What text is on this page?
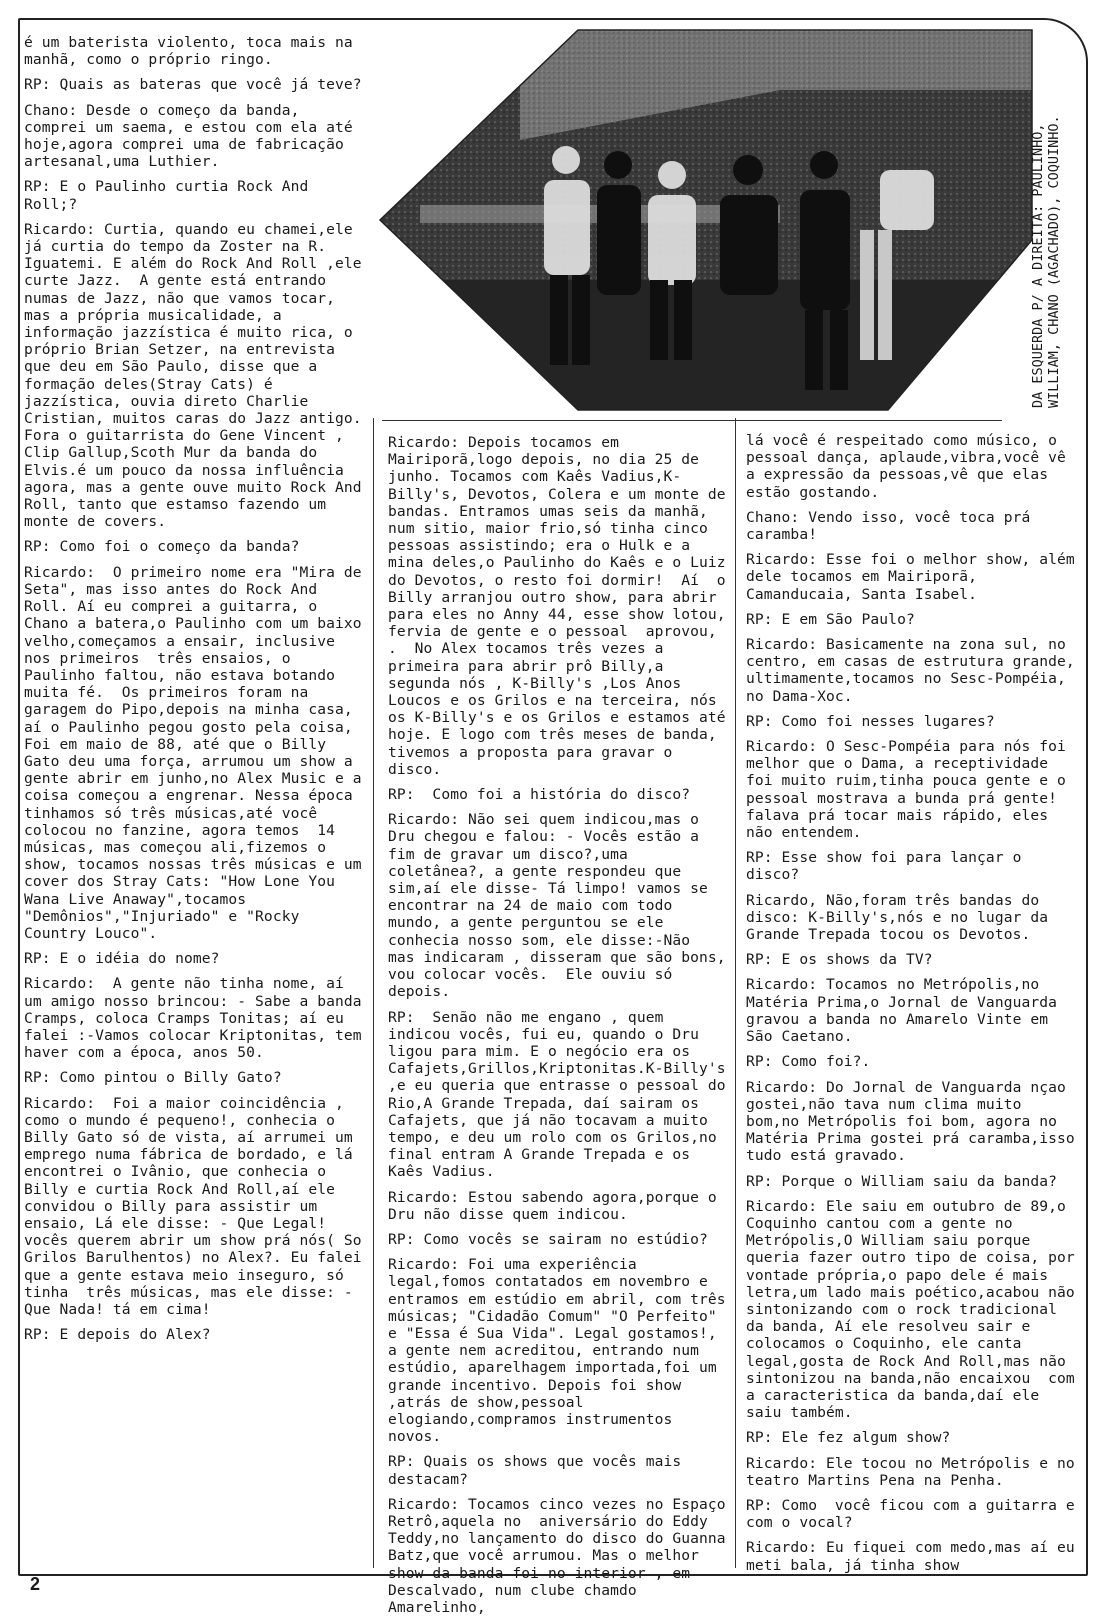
é um baterista violento, toca mais na manhã, como o próprio ringo.
RP: Quais as bateras que você já teve?
Chano: Desde o começo da banda, comprei um saema, e estou com ela até hoje,agora comprei uma de fabricação artesanal,uma Luthier.
RP: E o Paulinho curtia Rock And Roll;?
Ricardo: Curtia, quando eu chamei,ele já curtia do tempo da Zoster na R. Iguatemi. E além do Rock And Roll ,ele curte Jazz.  A gente está entrando numas de Jazz, não que vamos tocar, mas a própria musicalidade, a informação jazzística é muito rica, o próprio Brian Setzer, na entrevista que deu em São Paulo, disse que a formação deles(Stray Cats) é jazzística, ouvia direto Charlie Cristian, muitos caras do Jazz antigo. Fora o guitarrista do Gene Vincent , Clip Gallup,Scoth Mur da banda do Elvis.é um pouco da nossa influência agora, mas a gente ouve muito Rock And Roll, tanto que estamso fazendo um monte de covers.
RP: Como foi o começo da banda?
Ricardo:  O primeiro nome era "Mira de Seta", mas isso antes do Rock And Roll. Aí eu comprei a guitarra, o Chano a batera,o Paulinho com um baixo velho,começamos a ensair, inclusive nos primeiros  três ensaios, o Paulinho faltou, não estava botando muita fé.  Os primeiros foram na garagem do Pipo,depois na minha casa, aí o Paulinho pegou gosto pela coisa, Foi em maio de 88, até que o Billy Gato deu uma força, arrumou um show a gente abrir em junho,no Alex Music e a coisa começou a engrenar. Nessa época tinhamos só três músicas,até você colocou no fanzine, agora temos  14 músicas, mas começou ali,fizemos o show, tocamos nossas três músicas e um cover dos Stray Cats: "How Lone You Wana Live Anaway",tocamos "Demônios","Injuriado" e "Rocky Country Louco".
RP: E o idéia do nome?
Ricardo:  A gente não tinha nome, aí um amigo nosso brincou: - Sabe a banda Cramps, coloca Cramps Tonitas; aí eu falei :-Vamos colocar Kriptonitas, tem haver com a época, anos 50.
RP: Como pintou o Billy Gato?
Ricardo:  Foi a maior coincidência , como o mundo é pequeno!, conhecia o Billy Gato só de vista, aí arrumei um emprego numa fábrica de bordado, e lá encontrei o Ivânio, que conhecia o Billy e curtia Rock And Roll,aí ele convidou o Billy para assistir um ensaio, Lá ele disse: - Que Legal! vocês querem abrir um show prá nós( So Grilos Barulhentos) no Alex?. Eu falei que a gente estava meio inseguro, só tinha  três músicas, mas ele disse: - Que Nada! tá em cima!
RP: E depois do Alex?
DA ESQUERDA P/ A DIREITA: PAULINHO, WILLIAM, CHANO (AGACHADO), COQUINHO.
Ricardo: Depois tocamos em Mairiporã,logo depois, no dia 25 de junho. Tocamos com Kaês Vadius,K-Billy's, Devotos, Colera e um monte de bandas. Entramos umas seis da manhã, num sitio, maior frio,só tinha cinco pessoas assistindo; era o Hulk e a mina deles,o Paulinho do Kaês e o Luiz do Devotos, o resto foi dormir!  Aí  o Billy arranjou outro show, para abrir para eles no Anny 44, esse show lotou, fervia de gente e o pessoal  aprovou, .  No Alex tocamos três vezes a primeira para abrir prô Billy,a segunda nós , K-Billy's ,Los Anos Loucos e os Grilos e na terceira, nós os K-Billy's e os Grilos e estamos até hoje. E logo com três meses de banda, tivemos a proposta para gravar o disco.
RP:  Como foi a história do disco?
Ricardo: Não sei quem indicou,mas o Dru chegou e falou: - Vocês estão a fim de gravar um disco?,uma coletânea?, a gente respondeu que sim,aí ele disse- Tá limpo! vamos se encontrar na 24 de maio com todo mundo, a gente perguntou se ele conhecia nosso som, ele disse:-Não  mas indicaram , disseram que são bons, vou colocar vocês.  Ele ouviu só depois.
RP:  Senão não me engano , quem indicou vocês, fui eu, quando o Dru ligou para mim. E o negócio era os Cafajets,Grillos,Kriptonitas.K-Billy's ,e eu queria que entrasse o pessoal do Rio,A Grande Trepada, daí sairam os Cafajets, que já não tocavam a muito tempo, e deu um rolo com os Grilos,no final entram A Grande Trepada e os Kaês Vadius.
Ricardo: Estou sabendo agora,porque o Dru não disse quem indicou.
RP: Como vocês se sairam no estúdio?
Ricardo: Foi uma experiência legal,fomos contatados em novembro e entramos em estúdio em abril, com três músicas; "Cidadão Comum" "O Perfeito" e "Essa é Sua Vida". Legal gostamos!, a gente nem acreditou, entrando num estúdio, aparelhagem importada,foi um grande incentivo. Depois foi show ,atrás de show,pessoal elogiando,compramos instrumentos novos.
RP: Quais os shows que vocês mais destacam?
Ricardo: Tocamos cinco vezes no Espaço Retrô,aquela no  aniversário do Eddy Teddy,no lançamento do disco do Guanna Batz,que você arrumou. Mas o melhor show da banda foi no interior , em Descalvado, num clube chamdo Amarelinho,
lá você é respeitado como músico, o pessoal dança, aplaude,vibra,você vê a expressão da pessoas,vê que elas estão gostando.
Chano: Vendo isso, você toca prá caramba!
Ricardo: Esse foi o melhor show, além dele tocamos em Mairiporã, Camanducaia, Santa Isabel.
RP: E em São Paulo?
Ricardo: Basicamente na zona sul, no  centro, em casas de estrutura grande, ultimamente,tocamos no Sesc-Pompéia, no Dama-Xoc.
RP: Como foi nesses lugares?
Ricardo: O Sesc-Pompéia para nós foi melhor que o Dama, a receptividade foi muito ruim,tinha pouca gente e o pessoal mostrava a bunda prá gente! falava prá tocar mais rápido, eles não entendem.
RP: Esse show foi para lançar o disco?
Ricardo, Não,foram três bandas do disco: K-Billy's,nós e no lugar da Grande Trepada tocou os Devotos.
RP: E os shows da TV?
Ricardo: Tocamos no Metrópolis,no Matéria Prima,o Jornal de Vanguarda gravou a banda no Amarelo Vinte em São Caetano.
RP: Como foi?.
Ricardo: Do Jornal de Vanguarda nçao gostei,não tava num clima muito bom,no Metrópolis foi bom, agora no Matéria Prima gostei prá caramba,isso tudo está gravado.
RP: Porque o William saiu da banda?
Ricardo: Ele saiu em outubro de 89,o Coquinho cantou com a gente no Metrópolis,O William saiu porque queria fazer outro tipo de coisa, por vontade própria,o papo dele é mais letra,um lado mais poético,acabou não sintonizando com o rock tradicional da banda, Aí ele resolveu sair e colocamos o Coquinho, ele canta legal,gosta de Rock And Roll,mas não sintonizou na banda,não encaixou  com a caracteristica da banda,daí ele saiu também.
RP: Ele fez algum show?
Ricardo: Ele tocou no Metrópolis e no teatro Martins Pena na Penha.
RP: Como  você ficou com a guitarra e com o vocal?
Ricardo: Eu fiquei com medo,mas aí eu meti bala, já tinha show
2
